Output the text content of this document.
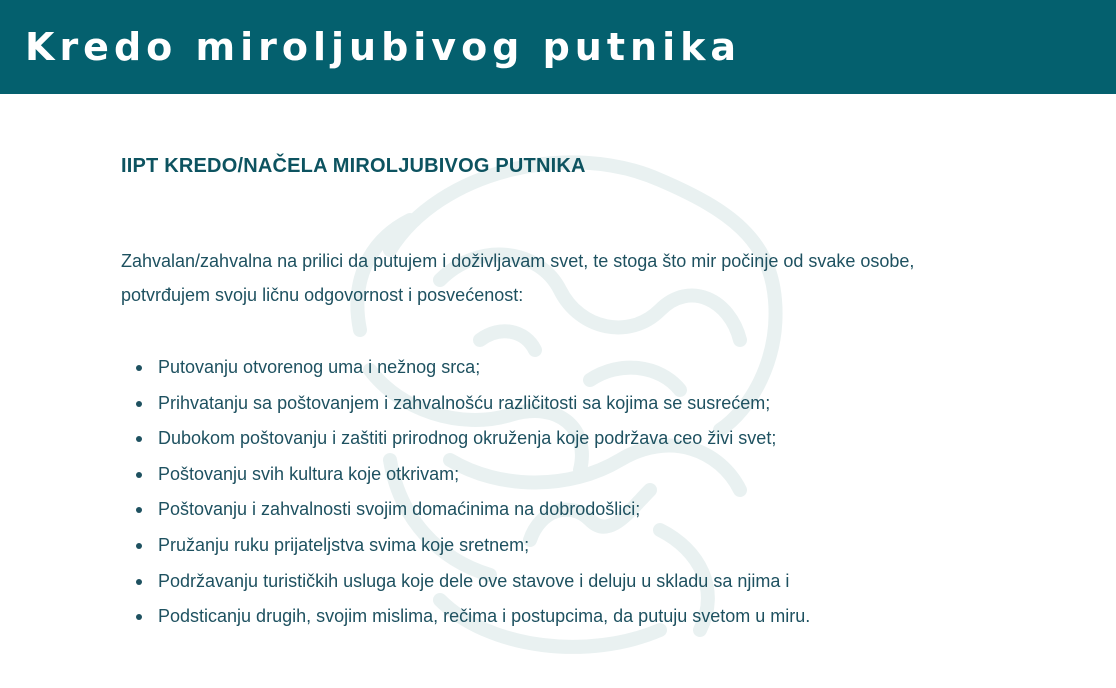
Kredo miroljubivog putnika
IIPT KREDO/NAČELA MIROLJUBIVOG PUTNIKA

Zahvalan/zahvalna na prilici da putujem i doživljavam svet, te stoga što mir počinje od svake osobe, potvrđujem svoju ličnu odgovornost i posvećenost:

Putovanju otvorenog uma i nežnog srca;
Prihvatanju sa poštovanjem i zahvalnošću različitosti sa kojima se susrećem;
Dubokom poštovanju i zaštiti prirodnog okruženja koje podržava ceo živi svet;
Poštovanju svih kultura koje otkrivam;
Poštovanju i zahvalnosti svojim domaćinima na dobrodošlici;
Pružanju ruku prijateljstva svima koje sretnem;
Podržavanju turističkih usluga koje dele ove stavove i deluju u skladu sa njima i
Podsticanju drugih, svojim mislima, rečima i postupcima, da putuju svetom u miru.
